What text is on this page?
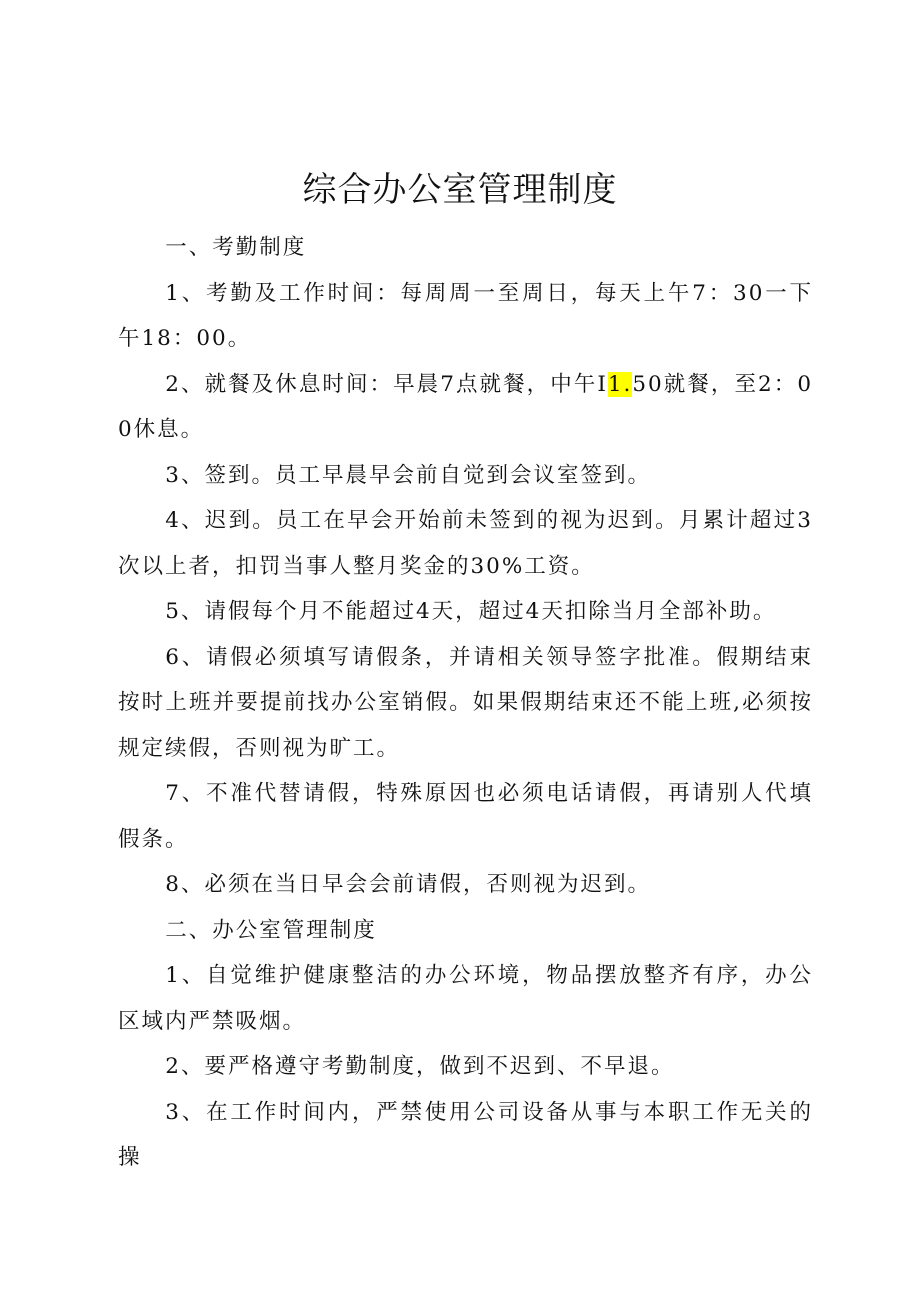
综合办公室管理制度

一、考勤制度

1、考勤及工作时间：每周周一至周日，每天上午7：30一下午18：00。

2、就餐及休息时间：早晨7点就餐，中午I1.50就餐，至2：00休息。

3、签到。员工早晨早会前自觉到会议室签到。

4、迟到。员工在早会开始前未签到的视为迟到。月累计超过3次以上者，扣罚当事人整月奖金的30%工资。

5、请假每个月不能超过4天，超过4天扣除当月全部补助。

6、请假必须填写请假条，并请相关领导签字批准。假期结束按时上班并要提前找办公室销假。如果假期结束还不能上班,必须按规定续假，否则视为旷工。

7、不准代替请假，特殊原因也必须电话请假，再请别人代填假条。

8、必须在当日早会会前请假，否则视为迟到。

二、办公室管理制度

1、自觉维护健康整洁的办公环境，物品摆放整齐有序，办公区域内严禁吸烟。

2、要严格遵守考勤制度，做到不迟到、不早退。

3、在工作时间内，严禁使用公司设备从事与本职工作无关的操
